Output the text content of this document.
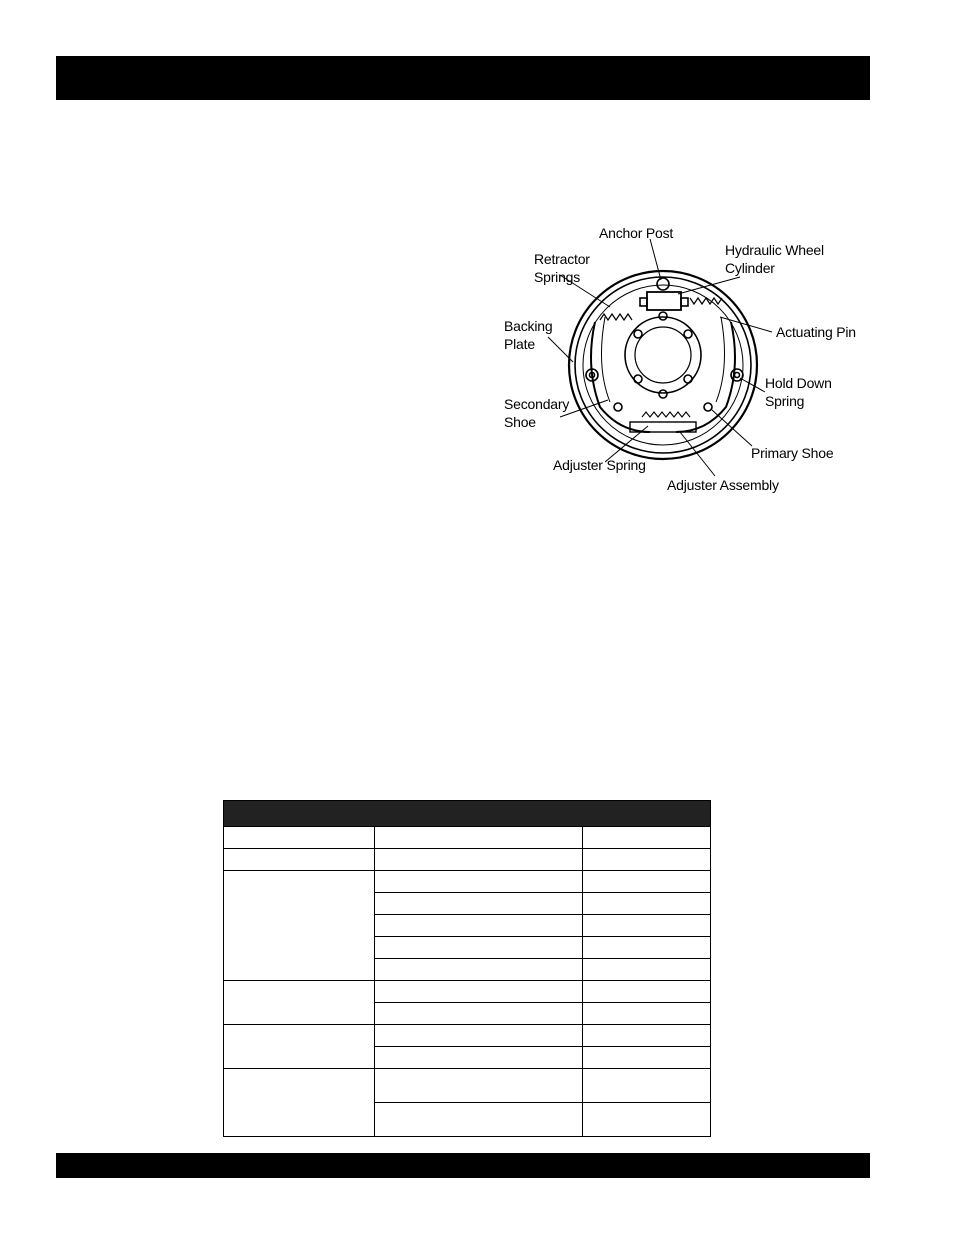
Anchor Post
Hydraulic Wheel
Cylinder
Retractor
Springs
Backing
Plate
Actuating Pin
Hold Down
Spring
Secondary
Shoe
Primary Shoe
Adjuster Spring
Adjuster Assembly
